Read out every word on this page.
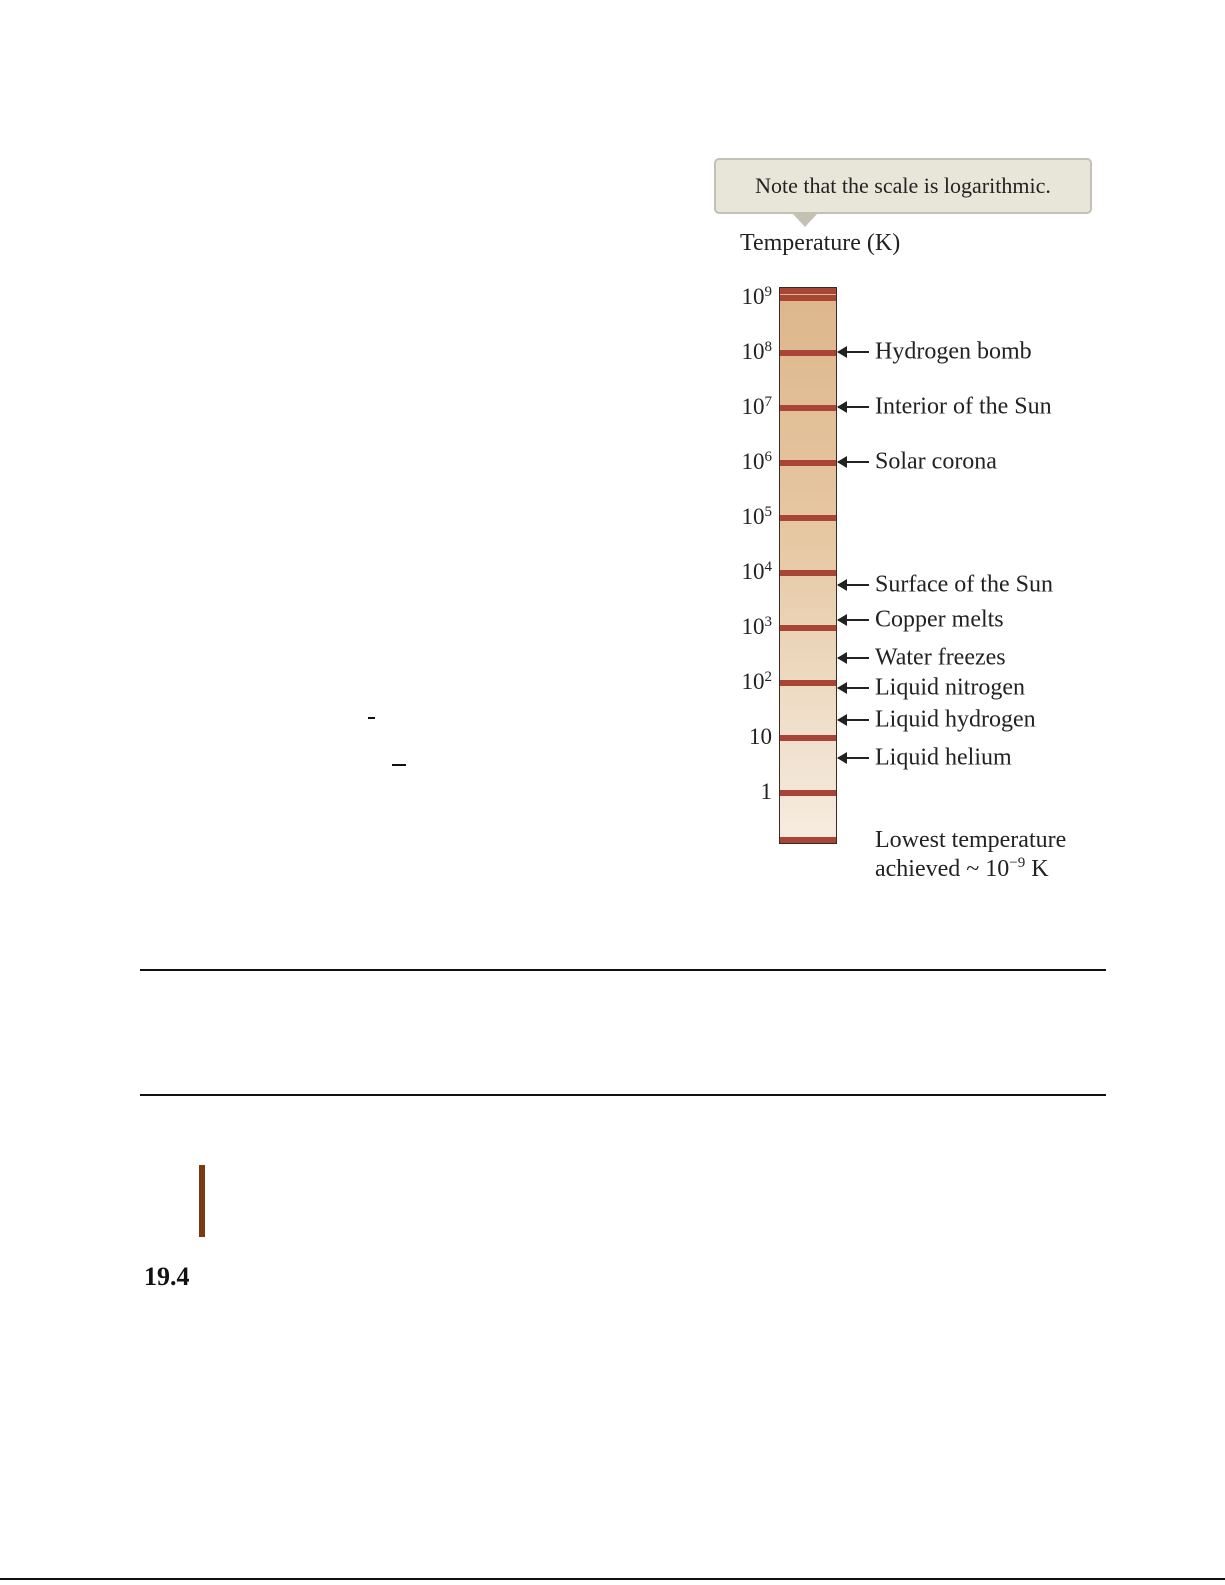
Note that the scale is logarithmic.
Temperature (K)
$10^9$
$10^8$
$10^7$
$10^6$
$10^5$
$10^4$
$10^3$
$10^2$
10
1
Hydrogen bomb
Interior of the Sun
Solar corona
Surface of the Sun
Copper melts
Water freezes
Liquid nitrogen
Liquid hydrogen
Liquid helium
Lowest temperature
achieved ~ $10^{-9}$ K
19.4
